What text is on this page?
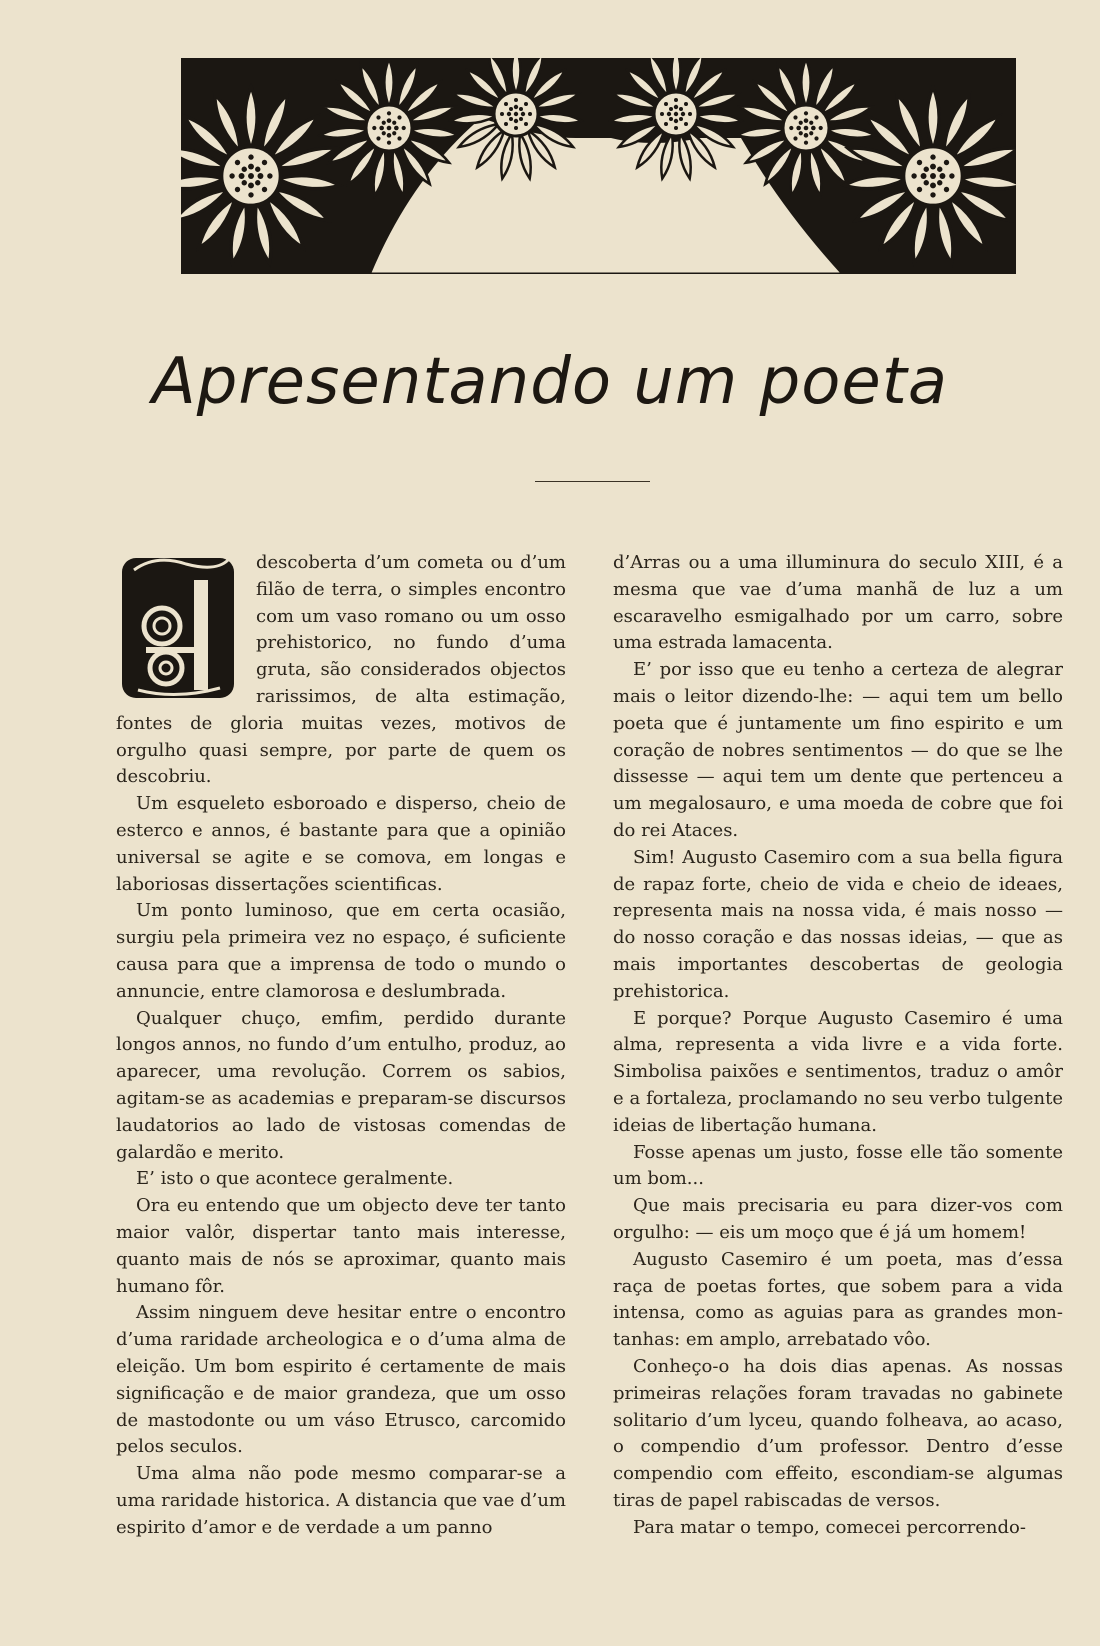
Apresentando um poeta

descoberta d’um cometa ou d’um filão de terra, o simples encontro com um vaso romano ou um osso prehistorico, no fundo d’uma gruta, são considerados objectos rarissimos, de alta estimação, fontes de gloria muitas vezes, motivos de orgulho quasi sempre, por parte de quem os descobriu.

Um esqueleto esboroado e disperso, cheio de esterco e annos, é bastante para que a opinião universal se agite e se comova, em longas e laboriosas dissertações scientificas.

Um ponto luminoso, que em certa ocasião, surgiu pela primeira vez no espaço, é suficiente causa para que a imprensa de todo o mundo o annuncie, entre clamorosa e deslumbrada.

Qualquer chuço, emfim, perdido durante longos annos, no fundo d’um entulho, produz, ao aparecer, uma revolução. Correm os sabios, agitam-se as academias e preparam-se discursos laudatorios ao lado de vistosas comendas de galardão e merito.

E’ isto o que acontece geralmente.

Ora eu entendo que um objecto deve ter tanto maior valôr, dispertar tanto mais interesse, quanto mais de nós se aproximar, quanto mais humano fôr.

Assim ninguem deve hesitar entre o encontro d’uma raridade archeologica e o d’uma alma de eleição. Um bom espirito é certamente de mais significação e de maior grandeza, que um osso de mastodonte ou um váso Etrusco, carcomido pelos seculos.

Uma alma não pode mesmo comparar-se a uma raridade historica. A distancia que vae d’um espirito d’amor e de verdade a um panno

d’Arras ou a uma illuminura do seculo XIII, é a mesma que vae d’uma manhã de luz a um escaravelho esmigalhado por um carro, sobre uma estrada lamacenta.

E’ por isso que eu tenho a certeza de alegrar mais o leitor dizendo-lhe: — aqui tem um bello poeta que é juntamente um fino espirito e um coração de nobres sentimentos — do que se lhe dissesse — aqui tem um dente que pertenceu a um megalosauro, e uma moeda de cobre que foi do rei Ataces.

Sim! Augusto Casemiro com a sua bella figura de rapaz forte, cheio de vida e cheio de ideaes, representa mais na nossa vida, é mais nosso — do nosso coração e das nossas ideias, — que as mais importantes descobertas de geologia prehistorica.

E porque? Porque Augusto Casemiro é uma alma, representa a vida livre e a vida forte. Simbolisa paixões e sentimentos, traduz o amôr e a fortaleza, proclamando no seu verbo tulgente ideias de libertação humana.

Fosse apenas um justo, fosse elle tão somente um bom...

Que mais precisaria eu para dizer-vos com orgulho: — eis um moço que é já um homem!

Augusto Casemiro é um poeta, mas d’essa raça de poetas fortes, que sobem para a vida intensa, como as aguias para as grandes montanhas: em amplo, arrebatado vôo.

Conheço-o ha dois dias apenas. As nossas primeiras relações foram travadas no gabinete solitario d’um lyceu, quando folheava, ao acaso, o compendio d’um professor. Dentro d’esse compendio com effeito, escondiam-se algumas tiras de papel rabiscadas de versos.

Para matar o tempo, comecei percorrendo-
